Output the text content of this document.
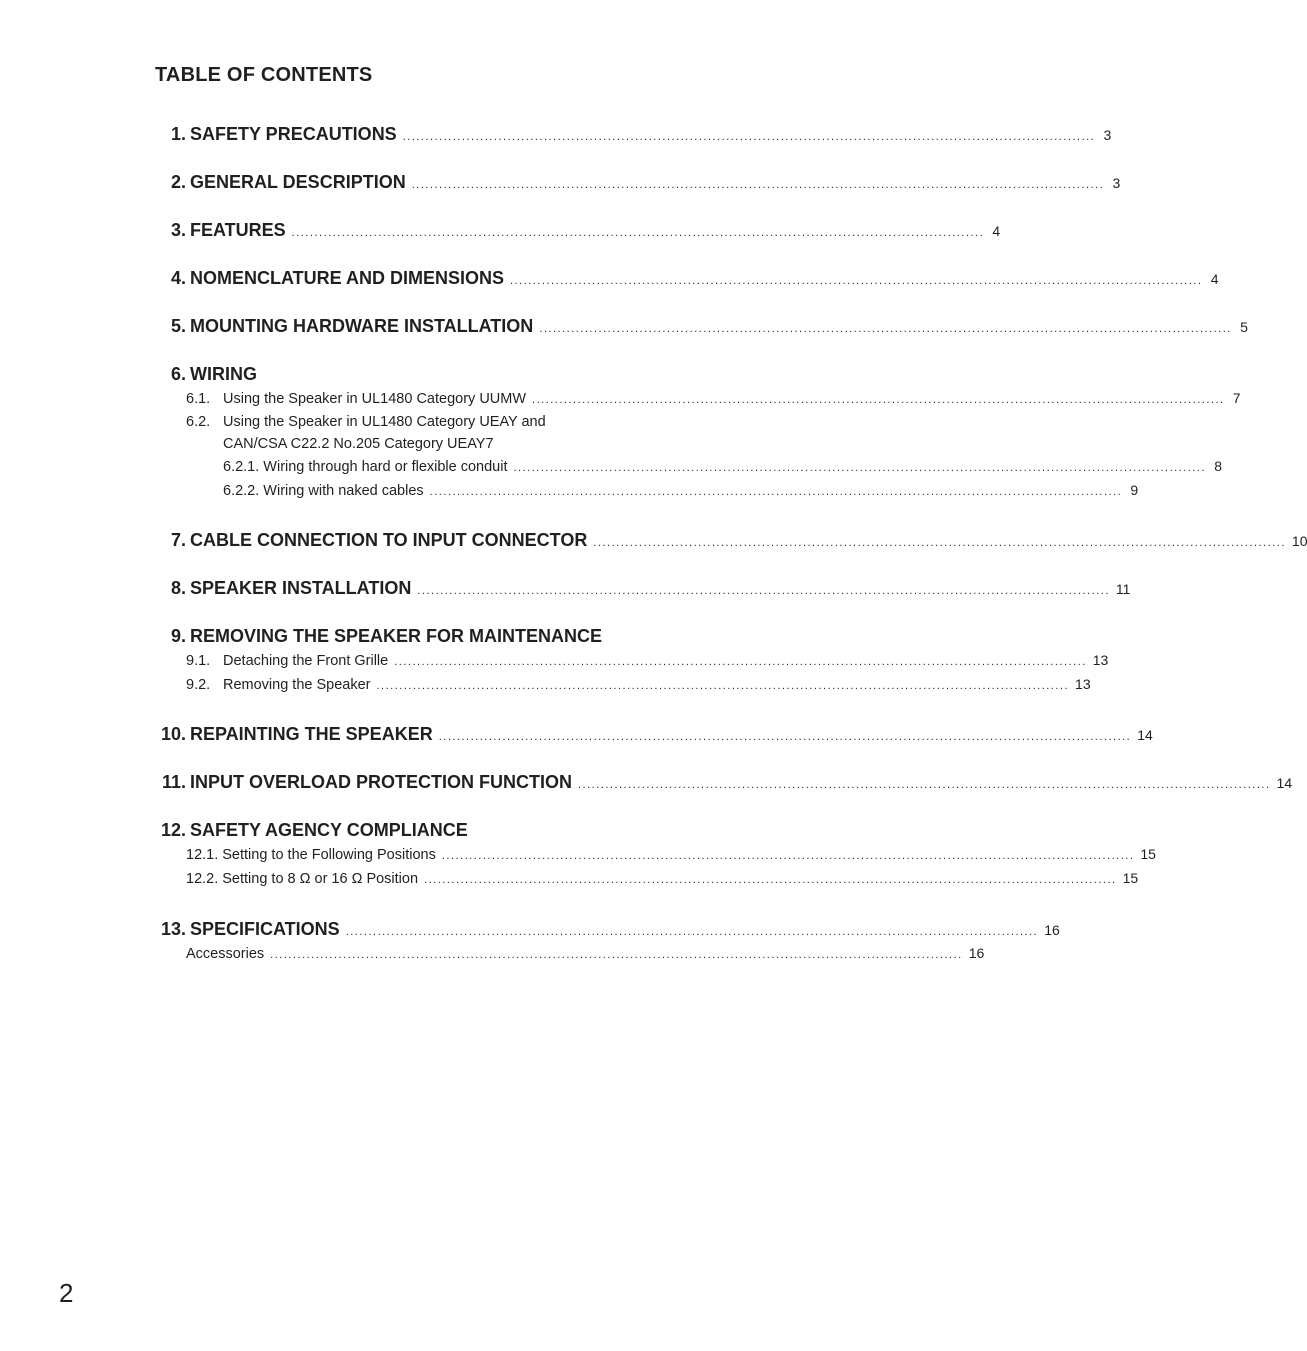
TABLE OF CONTENTS
1. SAFETY PRECAUTIONS ........................................................................................................................................................ 3
2. GENERAL DESCRIPTION ........................................................................................................................................................ 3
3. FEATURES ........................................................................................................................................................ 4
4. NOMENCLATURE AND DIMENSIONS ........................................................................................................................................................ 4
5. MOUNTING HARDWARE INSTALLATION ........................................................................................................................................................ 5
6. WIRING
6.1. Using the Speaker in UL1480 Category UUMW ........................................................................................................................................................ 7
6.2. Using the Speaker in UL1480 Category UEAY and
CAN/CSA C22.2 No.205 Category UEAY7
6.2.1. Wiring through hard or flexible conduit ........................................................................................................................................................ 8
6.2.2. Wiring with naked cables ........................................................................................................................................................ 9
7. CABLE CONNECTION TO INPUT CONNECTOR ........................................................................................................................................................ 10
8. SPEAKER INSTALLATION ........................................................................................................................................................ 11
9. REMOVING THE SPEAKER FOR MAINTENANCE
9.1. Detaching the Front Grille ........................................................................................................................................................ 13
9.2. Removing the Speaker ........................................................................................................................................................ 13
10. REPAINTING THE SPEAKER ........................................................................................................................................................ 14
11. INPUT OVERLOAD PROTECTION FUNCTION ........................................................................................................................................................ 14
12. SAFETY AGENCY COMPLIANCE
12.1. Setting to the Following Positions ........................................................................................................................................................ 15
12.2. Setting to 8 Ω or 16 Ω Position ........................................................................................................................................................ 15
13. SPECIFICATIONS ........................................................................................................................................................ 16
Accessories ........................................................................................................................................................ 16
2
